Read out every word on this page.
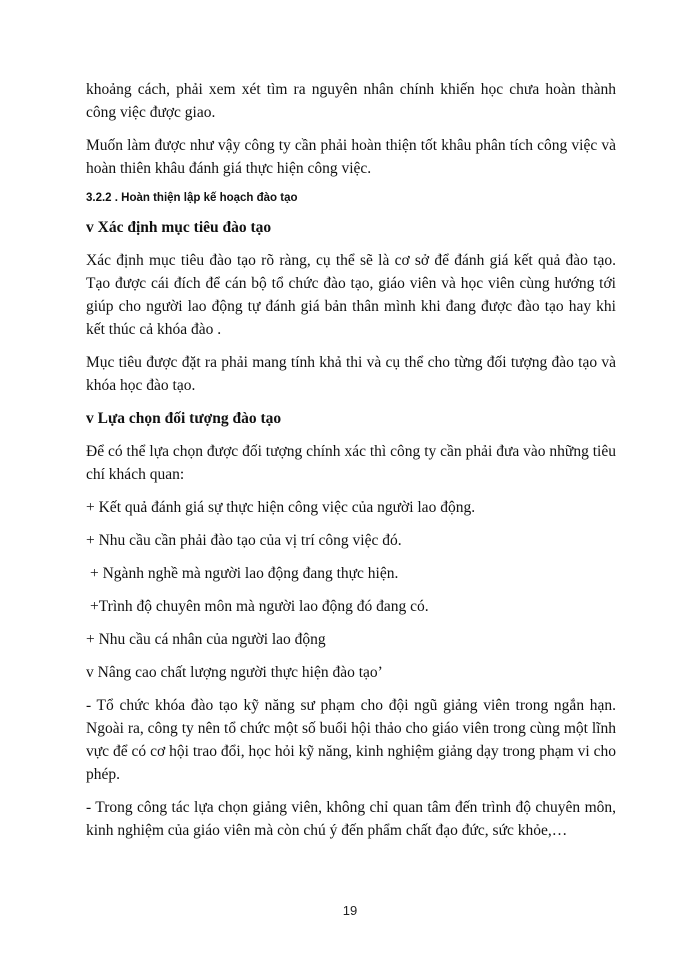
khoảng cách, phải xem xét tìm ra nguyên nhân chính khiến học chưa hoàn thành công việc được giao.

Muốn làm được như vậy công ty cần phải hoàn thiện tốt khâu phân tích công việc và hoàn thiên khâu đánh giá thực hiện công việc.

3.2.2 . Hoàn thiện lập kế hoạch đào tạo
v Xác định mục tiêu đào tạo

Xác định mục tiêu đào tạo rõ ràng, cụ thể sẽ là cơ sở để đánh giá kết quả đào tạo. Tạo được cái đích để cán bộ tổ chức đào tạo, giáo viên và học viên cùng hướng tới giúp cho người lao động tự đánh giá bản thân mình khi đang được đào tạo hay khi kết thúc cả khóa đào .

Mục tiêu được đặt ra phải mang tính khả thi và cụ thể cho từng đối tượng đào tạo và khóa học đào tạo.

v Lựa chọn đối tượng đào tạo

Để có thể lựa chọn được đối tượng chính xác thì công ty cần phải đưa vào những tiêu chí khách quan:

+ Kết quả đánh giá sự thực hiện công việc của người lao động.
+ Nhu cầu cần phải đào tạo của vị trí công việc đó.
+ Ngành nghề mà người lao động đang thực hiện.
+Trình độ chuyên môn mà người lao động đó đang có.
+ Nhu cầu cá nhân của người lao động
v Nâng cao chất lượng người thực hiện đào tạo’

- Tổ chức khóa đào tạo kỹ năng sư phạm cho đội ngũ giảng viên trong ngắn hạn. Ngoài ra, công ty nên tổ chức một số buổi hội thảo cho giáo viên trong cùng một lĩnh vực để có cơ hội trao đổi, học hỏi kỹ năng, kinh nghiệm giảng dạy trong phạm vi cho phép.

- Trong công tác lựa chọn giảng viên, không chỉ quan tâm đến trình độ chuyên môn, kinh nghiệm của giáo viên mà còn chú ý đến phẩm chất đạo đức, sức khỏe,…

19
